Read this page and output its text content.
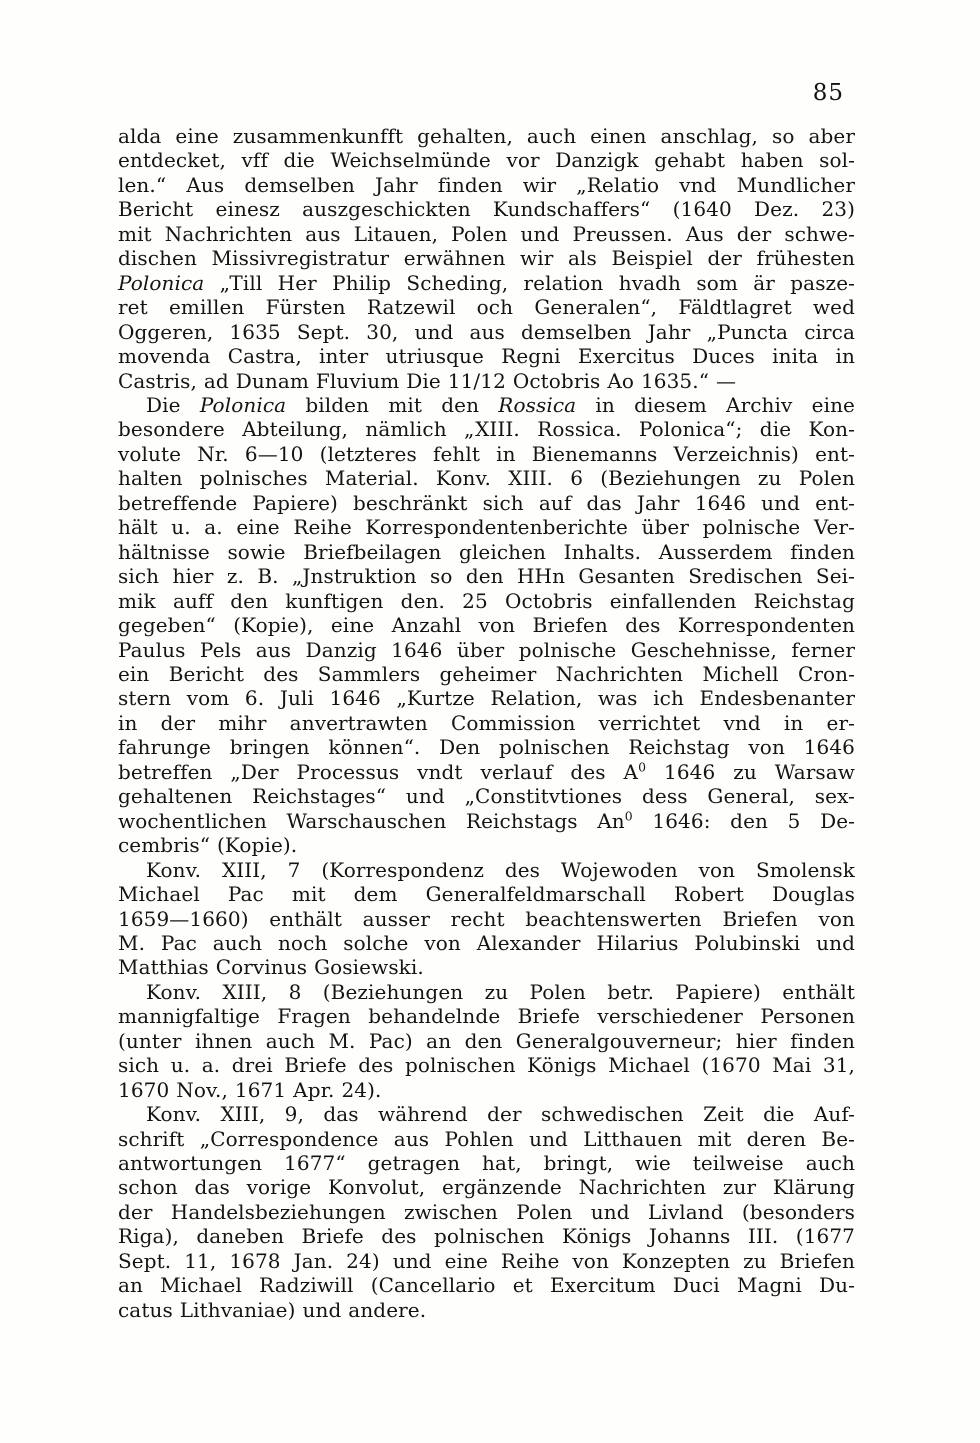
85

alda eine zusammenkunfft gehalten, auch einen anschlag, so aber
entdecket, vff die Weichselmünde vor Danzigk gehabt haben sol-
len.“ Aus demselben Jahr finden wir „Relatio vnd Mundlicher
Bericht einesz auszgeschickten Kundschaffers“ (1640 Dez. 23)
mit Nachrichten aus Litauen, Polen und Preussen. Aus der schwe-
dischen Missivregistratur erwähnen wir als Beispiel der frühesten
Polonica „Till Her Philip Scheding, relation hvadh som är pasze-
ret emillen Fürsten Ratzewil och Generalen“, Fäldtlagret wed
Oggeren, 1635 Sept. 30, und aus demselben Jahr „Puncta circa
movenda Castra, inter utriusque Regni Exercitus Duces inita in
Castris, ad Dunam Fluvium Die 11/12 Octobris Ao 1635.“ —

Die Polonica bilden mit den Rossica in diesem Archiv eine
besondere Abteilung, nämlich „XIII. Rossica. Polonica“; die Kon-
volute Nr. 6—10 (letzteres fehlt in Bienemanns Verzeichnis) ent-
halten polnisches Material. Konv. XIII. 6 (Beziehungen zu Polen
betreffende Papiere) beschränkt sich auf das Jahr 1646 und ent-
hält u. a. eine Reihe Korrespondentenberichte über polnische Ver-
hältnisse sowie Briefbeilagen gleichen Inhalts. Ausserdem finden
sich hier z. B. „Jnstruktion so den HHn Gesanten Sredischen Sei-
mik auff den kunftigen den. 25 Octobris einfallenden Reichstag
gegeben“ (Kopie), eine Anzahl von Briefen des Korrespondenten
Paulus Pels aus Danzig 1646 über polnische Geschehnisse, ferner
ein Bericht des Sammlers geheimer Nachrichten Michell Cron-
stern vom 6. Juli 1646 „Kurtze Relation, was ich Endesbenanter
in der mihr anvertrawten Commission verrichtet vnd in er-
fahrunge bringen können“. Den polnischen Reichstag von 1646
betreffen „Der Processus vndt verlauf des $A^0$ 1646 zu Warsaw
gehaltenen Reichstages“ und „Constitvtiones dess General, sex-
wochentlichen Warschauschen Reichstags An$^0$ 1646: den 5 De-
cembris“ (Kopie).

Konv. XIII, 7 (Korrespondenz des Wojewoden von Smolensk
Michael Pac mit dem Generalfeldmarschall Robert Douglas
1659—1660) enthält ausser recht beachtenswerten Briefen von
M. Pac auch noch solche von Alexander Hilarius Polubinski und
Matthias Corvinus Gosiewski.

Konv. XIII, 8 (Beziehungen zu Polen betr. Papiere) enthält
mannigfaltige Fragen behandelnde Briefe verschiedener Personen
(unter ihnen auch M. Pac) an den Generalgouverneur; hier finden
sich u. a. drei Briefe des polnischen Königs Michael (1670 Mai 31,
1670 Nov., 1671 Apr. 24).

Konv. XIII, 9, das während der schwedischen Zeit die Auf-
schrift „Correspondence aus Pohlen und Litthauen mit deren Be-
antwortungen 1677“ getragen hat, bringt, wie teilweise auch
schon das vorige Konvolut, ergänzende Nachrichten zur Klärung
der Handelsbeziehungen zwischen Polen und Livland (besonders
Riga), daneben Briefe des polnischen Königs Johanns III. (1677
Sept. 11, 1678 Jan. 24) und eine Reihe von Konzepten zu Briefen
an Michael Radziwill (Cancellario et Exercitum Duci Magni Du-
catus Lithvaniae) und andere.
